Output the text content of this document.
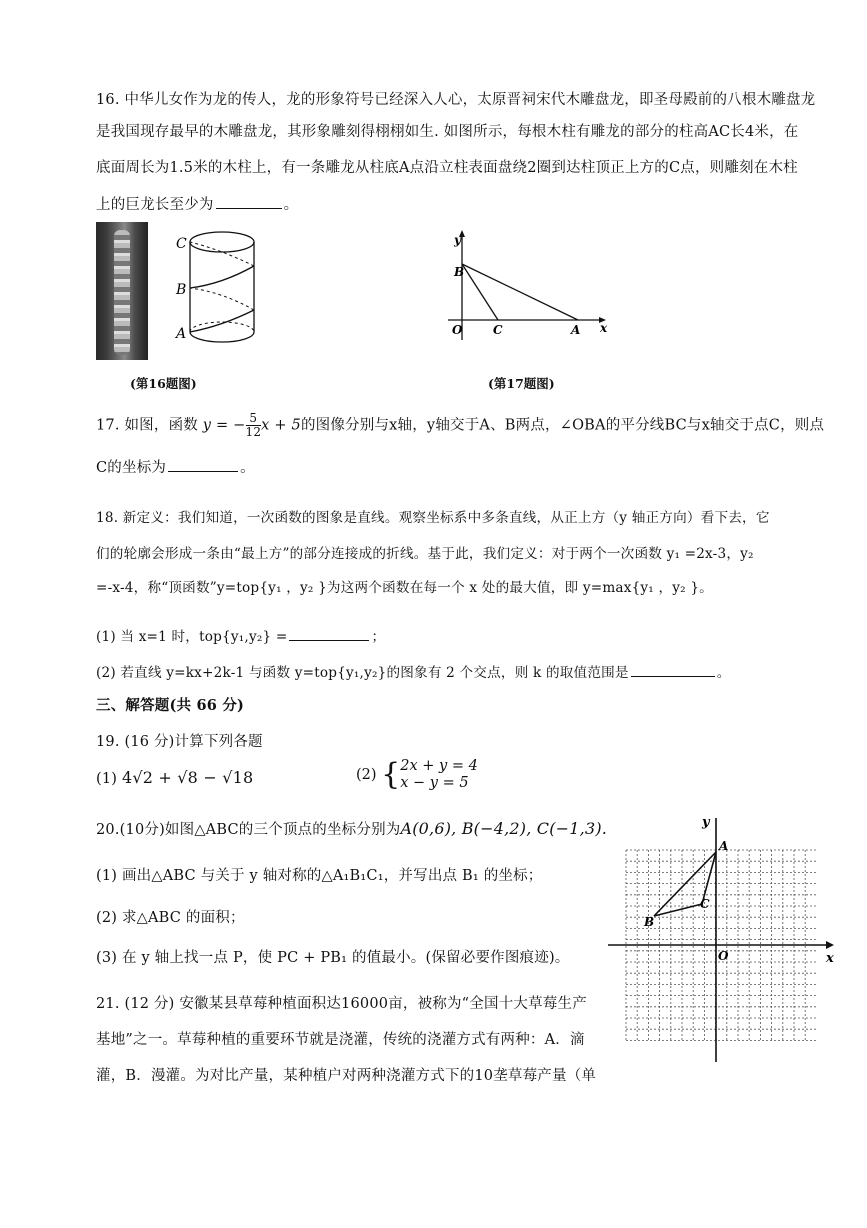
16. 中华儿女作为龙的传人，龙的形象符号已经深入人心，太原晋祠宋代木雕盘龙，即圣母殿前的八根木雕盘龙
是我国现存最早的木雕盘龙，其形象雕刻得栩栩如生. 如图所示，每根木柱有雕龙的部分的柱高AC长4米，在
底面周长为1.5米的木柱上，有一条雕龙从柱底A点沿立柱表面盘绕2圈到达柱顶正上方的C点，则雕刻在木柱
上的巨龙长至少为	。
C
B
A
(第16题图)
y
B
O	C	A x
(第17题图)
17. 如图，函数 y = − $\frac{5}{12}$ x + 5的图像分别与x轴，y轴交于A、B两点，∠OBA的平分线BC与x轴交于点C，则点
C的坐标为	。
18. 新定义：我们知道，一次函数的图象是直线。观察坐标系中多条直线，从正上方（y 轴正方向）看下去，它
们的轮廓会形成一条由“最上方”的部分连接成的折线。基于此，我们定义：对于两个一次函数 y₁ =2x-3，y₂
=-x-4，称“顶函数”y=top{y₁ ，y₂ }为这两个函数在每一个 x 处的最大值，即 y=max{y₁ ，y₂ }。
(1) 当 x=1 时，top{y₁,y₂} =	；
(2) 若直线 y=kx+2k-1 与函数 y=top{y₁,y₂}的图象有 2 个交点，则 k 的取值范围是	。
三、解答题(共 66 分)
19. (16 分)计算下列各题
(1) 4√2 + √8 − √18	(2) { 2x + y = 4
x − y = 5
20.(10分)如图△ABC的三个顶点的坐标分别为A(0,6), B(−4,2), C(−1,3).
(1) 画出△ABC 与关于 y 轴对称的△A₁B₁C₁，并写出点 B₁ 的坐标；
(2) 求△ABC 的面积；
(3) 在 y 轴上找一点 P，使 PC + PB₁ 的值最小。(保留必要作图痕迹)。
y
A
B
C
O	x
21. (12 分) 安徽某县草莓种植面积达16000亩，被称为“全国十大草莓生产
基地”之一。草莓种植的重要环节就是浇灌，传统的浇灌方式有两种：A．滴
灌，B．漫灌。为对比产量，某种植户对两种浇灌方式下的10垄草莓产量（单
